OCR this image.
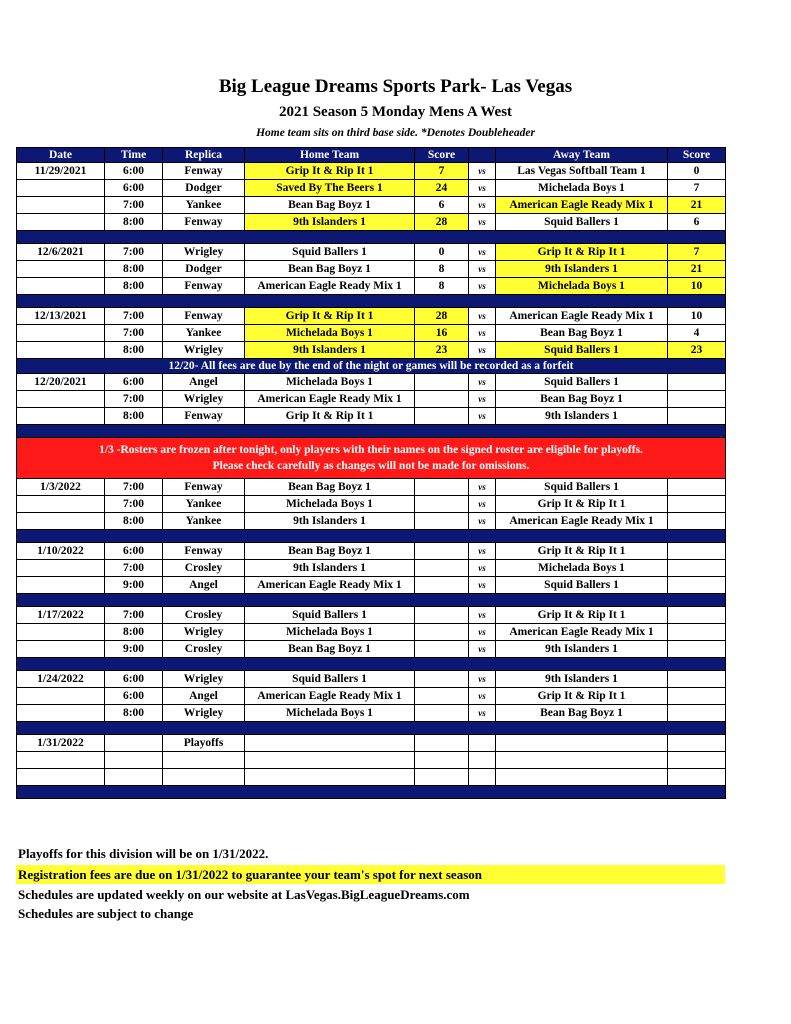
Big League Dreams Sports Park- Las Vegas
2021 Season 5 Monday Mens A West
Home team sits on third base side. *Denotes Doubleheader
Date	Time	Replica	Home Team	Score		Away Team	Score
11/29/2021	6:00	Fenway	Grip It & Rip It 1	7	vs	Las Vegas Softball Team 1	0
	6:00	Dodger	Saved By The Beers 1	24	vs	Michelada Boys 1	7
	7:00	Yankee	Bean Bag Boyz 1	6	vs	American Eagle Ready Mix 1	21
	8:00	Fenway	9th Islanders 1	28	vs	Squid Ballers 1	6

12/6/2021	7:00	Wrigley	Squid Ballers 1	0	vs	Grip It & Rip It 1	7
	8:00	Dodger	Bean Bag Boyz 1	8	vs	9th Islanders 1	21
	8:00	Fenway	American Eagle Ready Mix 1	8	vs	Michelada Boys 1	10

12/13/2021	7:00	Fenway	Grip It & Rip It 1	28	vs	American Eagle Ready Mix 1	10
	7:00	Yankee	Michelada Boys 1	16	vs	Bean Bag Boyz 1	4
	8:00	Wrigley	9th Islanders 1	23	vs	Squid Ballers 1	23
12/20- All fees are due by the end of the night or games will be recorded as a forfeit							
12/20/2021	6:00	Angel	Michelada Boys 1		vs	Squid Ballers 1	
	7:00	Wrigley	American Eagle Ready Mix 1		vs	Bean Bag Boyz 1	
	8:00	Fenway	Grip It & Rip It 1		vs	9th Islanders 1	

1/3 -Rosters are frozen after tonight, only players with their names on the signed roster are eligible for playoffs.
Please check carefully as changes will not be made for omissions.							

1/3/2022	7:00	Fenway	Bean Bag Boyz 1		vs	Squid Ballers 1	
	7:00	Yankee	Michelada Boys 1		vs	Grip It & Rip It 1	
	8:00	Yankee	9th Islanders 1		vs	American Eagle Ready Mix 1	

1/10/2022	6:00	Fenway	Bean Bag Boyz 1		vs	Grip It & Rip It 1	
	7:00	Crosley	9th Islanders 1		vs	Michelada Boys 1	
	9:00	Angel	American Eagle Ready Mix 1		vs	Squid Ballers 1	

1/17/2022	7:00	Crosley	Squid Ballers 1		vs	Grip It & Rip It 1	
	8:00	Wrigley	Michelada Boys 1		vs	American Eagle Ready Mix 1	
	9:00	Crosley	Bean Bag Boyz 1		vs	9th Islanders 1	

1/24/2022	6:00	Wrigley	Squid Ballers 1		vs	9th Islanders 1	
	6:00	Angel	American Eagle Ready Mix 1		vs	Grip It & Rip It 1	
	8:00	Wrigley	Michelada Boys 1		vs	Bean Bag Boyz 1	

1/31/2022		Playoffs					

Playoffs for this division will be on 1/31/2022.
Registration fees are due on 1/31/2022 to guarantee your team's spot for next season
Schedules are updated weekly on our website at LasVegas.BigLeagueDreams.com
Schedules are subject to change
